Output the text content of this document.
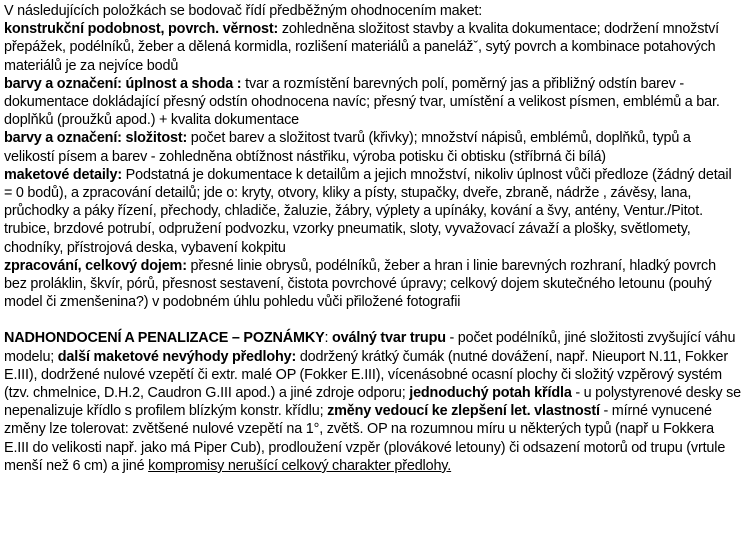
V následujících položkách se bodovač řídí předběžným ohodnocením maket:

konstrukční podobnost, povrch. věrnost: zohledněna složitost stavby a kvalita dokumentace; dodržení množství přepážek, podélníků, žeber a dělená kormidla, rozlišení materiálů a panelážˇ, sytý povrch a kombinace potahových materiálů je za nejvíce bodů

barvy a označení: úplnost a shoda : tvar a rozmístění barevných polí, poměrný jas a přibližný odstín barev - dokumentace dokládající přesný odstín ohodnocena navíc; přesný tvar, umístění a velikost písmen, emblémů a bar. doplňků (proužků apod.) + kvalita dokumentace

barvy a označení: složitost: počet barev a složitost tvarů (křivky); množství nápisů, emblémů, doplňků, typů a velikostí písem a barev - zohledněna obtížnost nástřiku, výroba potisku či obtisku (stříbrná či bílá)

maketové detaily: Podstatná je dokumentace k detailům a jejich množství, nikoliv úplnost vůči předloze (žádný detail = 0 bodů), a zpracování detailů; jde o: kryty, otvory, kliky a písty, stupačky, dveře, zbraně, nádrže , závěsy, lana, průchodky a páky řízení, přechody, chladiče, žaluzie, žábry, výplety a upínáky, kování a švy, antény, Ventur./Pitot. trubice, brzdové potrubí, odpružení podvozku, vzorky pneumatik, sloty, vyvažovací závaží a plošky, světlomety, chodníky, přístrojová deska, vybavení kokpitu

zpracování, celkový dojem: přesné linie obrysů, podélníků, žeber a hran i linie barevných rozhraní, hladký povrch bez proláklin, škvír, pórů, přesnost sestavení, čistota povrchové úpravy; celkový dojem skutečného letounu (pouhý model či zmenšenina?) v podobném úhlu pohledu vůči přiložené fotografii

NADHONDOCENÍ A PENALIZACE – POZNÁMKY: oválný tvar trupu - počet podélníků, jiné složitosti zvyšující váhu modelu; další maketové nevýhody předlohy: dodržený krátký čumák (nutné dovážení, např. Nieuport N.11, Fokker E.III), dodržené nulové vzepětí či extr. malé OP (Fokker E.III), vícenásobné ocasní plochy či složitý vzpěrový systém (tzv. chmelnice, D.H.2, Caudron G.III apod.) a jiné zdroje odporu; jednoduchý potah křídla - u polystyrenové desky se nepenalizuje křídlo s profilem blízkým konstr. křídlu; změny vedoucí ke zlepšení let. vlastností - mírné vynucené změny lze tolerovat: zvětšené nulové vzepětí na 1°, zvětš. OP na rozumnou míru u některých typů (např u Fokkera E.III do velikosti např. jako má Piper Cub), prodloužení vzpěr (plovákové letouny) či odsazení motorů od trupu (vrtule menší než 6 cm) a jiné kompromisy nerušící celkový charakter předlohy.
